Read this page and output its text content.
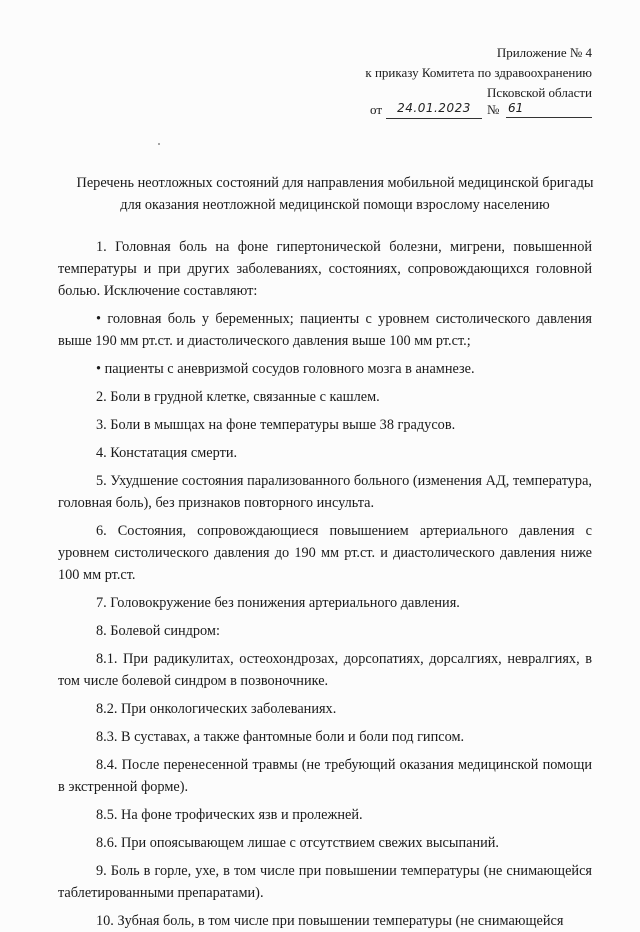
Приложение № 4
к приказу Комитета по здравоохранению
Псковской области
от	24.01.2023	№ 61
Перечень неотложных состояний для направления мобильной медицинской бригады для оказания неотложной медицинской помощи взрослому населению

1. Головная боль на фоне гипертонической болезни, мигрени, повышенной температуры и при других заболеваниях, состояниях, сопровождающихся головной болью. Исключение составляют:

• головная боль у беременных; пациенты с уровнем систолического давления выше 190 мм рт.ст. и диастолического давления выше 100 мм рт.ст.;

• пациенты с аневризмой сосудов головного мозга в анамнезе.

2. Боли в грудной клетке, связанные с кашлем.

3. Боли в мышцах на фоне температуры выше 38 градусов.

4. Констатация смерти.

5. Ухудшение состояния парализованного больного (изменения АД, температура, головная боль), без признаков повторного инсульта.

6. Состояния, сопровождающиеся повышением артериального давления с уровнем систолического давления до 190 мм рт.ст. и диастолического давления ниже 100 мм рт.ст.

7. Головокружение без понижения артериального давления.

8. Болевой синдром:

8.1. При радикулитах, остеохондрозах, дорсопатиях, дорсалгиях, невралгиях, в том числе болевой синдром в позвоночнике.

8.2. При онкологических заболеваниях.

8.3. В суставах, а также фантомные боли и боли под гипсом.

8.4. После перенесенной травмы (не требующий оказания медицинской помощи в экстренной форме).

8.5. На фоне трофических язв и пролежней.

8.6. При опоясывающем лишае с отсутствием свежих высыпаний.

9. Боль в горле, ухе, в том числе при повышении температуры (не снимающейся таблетированными препаратами).

10. Зубная боль, в том числе при повышении температуры (не снимающейся
